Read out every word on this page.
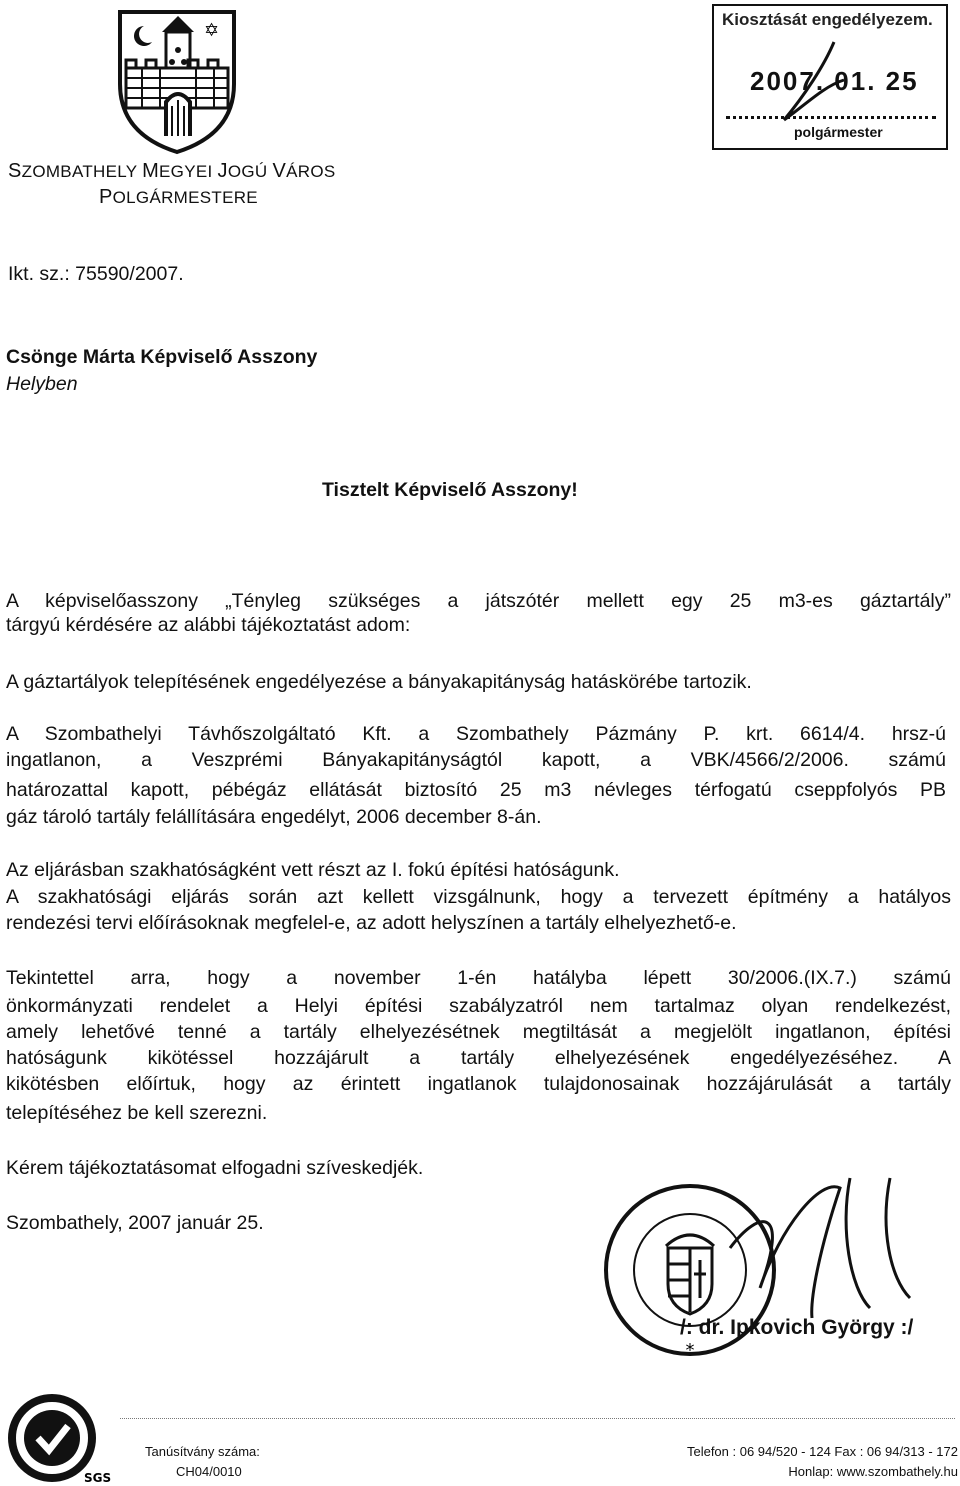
✡
SZOMBATHELY MEGYEI JOGÚ VÁROS
POLGÁRMESTERE
Kiosztását engedélyezem.
2007. 01. 25
polgármester
Ikt. sz.: 75590/2007.
Csönge Márta Képviselő Asszony
Helyben
Tisztelt Képviselő Asszony!
A képviselőasszony „Tényleg szükséges a játszótér mellett egy 25 m3-es gáztartály”
tárgyú kérdésére az alábbi tájékoztatást adom:
A gáztartályok telepítésének engedélyezése a bányakapitányság hatáskörébe tartozik.
A Szombathelyi Távhőszolgáltató Kft. a Szombathely Pázmány P. krt. 6614/4. hrsz-ú
ingatlanon, a Veszprémi Bányakapitányságtól kapott, a VBK/4566/2/2006. számú
határozattal kapott, pébégáz ellátását biztosító 25 m3 névleges térfogatú cseppfolyós PB
gáz tároló tartály felállítására engedélyt, 2006 december 8-án.
Az eljárásban szakhatóságként vett részt az I. fokú építési hatóságunk.
A szakhatósági eljárás során azt kellett vizsgálnunk, hogy a tervezett építmény a hatályos
rendezési tervi előírásoknak megfelel-e, az adott helyszínen a tartály elhelyezhető-e.
Tekintettel arra, hogy a november 1-én hatályba lépett 30/2006.(IX.7.) számú
önkormányzati rendelet a Helyi építési szabályzatról nem tartalmaz olyan rendelkezést,
amely lehetővé tenné a tartály elhelyezésétnek megtiltását a megjelölt ingatlanon, építési
hatóságunk kikötéssel hozzájárult a tartály elhelyezésének engedélyezéséhez. A
kikötésben előírtuk, hogy az érintett ingatlanok tulajdonosainak hozzájárulását a tartály
telepítéséhez be kell szerezni.
Kérem tájékoztatásomat elfogadni szíveskedjék.
Szombathely, 2007 január 25.
*
/: dr. Ipkovich György :/
SGS
Tanúsítvány száma:
CH04/0010
Telefon : 06 94/520 - 124 Fax : 06 94/313 - 172
Honlap: www.szombathely.hu
